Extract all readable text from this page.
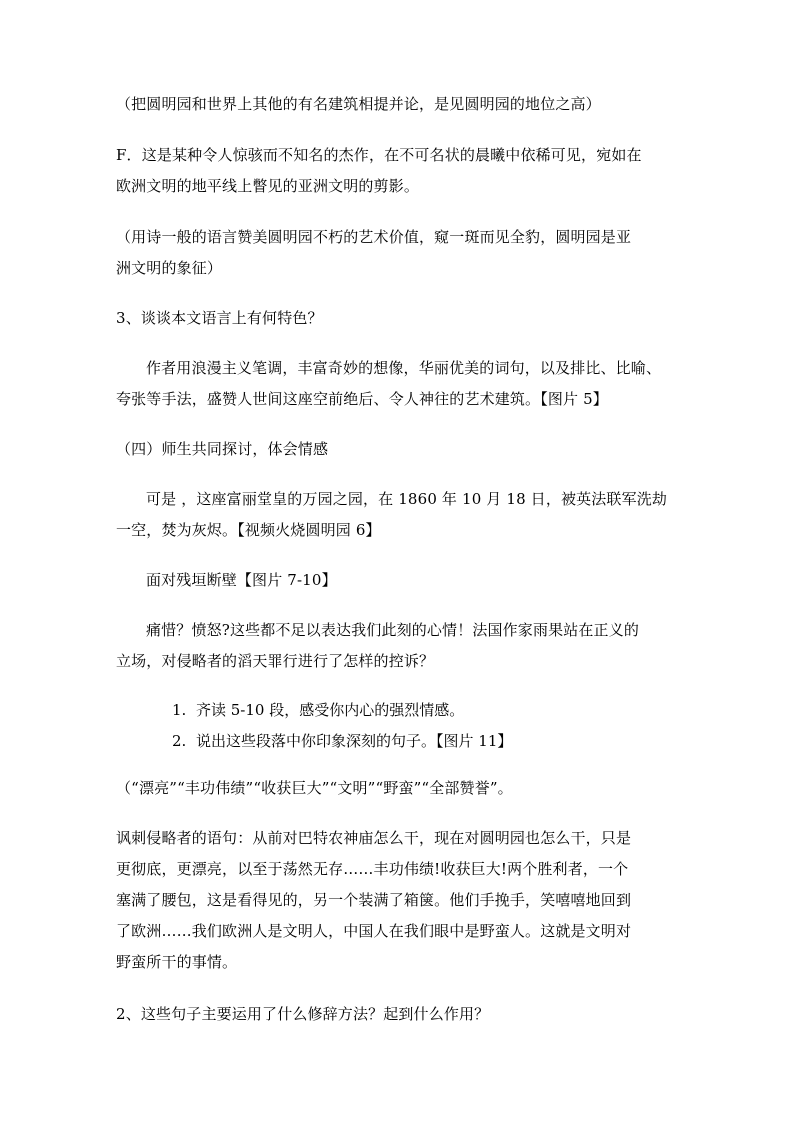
（把圆明园和世界上其他的有名建筑相提并论，是见圆明园的地位之高）

F．这是某种令人惊骇而不知名的杰作，在不可名状的晨曦中依稀可见，宛如在
欧洲文明的地平线上瞥见的亚洲文明的剪影。

（用诗一般的语言赞美圆明园不朽的艺术价值，窥一斑而见全豹，圆明园是亚
洲文明的象征）

3、谈谈本文语言上有何特色？

作者用浪漫主义笔调，丰富奇妙的想像，华丽优美的词句，以及排比、比喻、
夸张等手法，盛赞人世间这座空前绝后、令人神往的艺术建筑。【图片 5】

（四）师生共同探讨，体会情感

可是 ，这座富丽堂皇的万园之园，在 1860 年 10 月 18 日，被英法联军洗劫
一空，焚为灰烬。【视频火烧圆明园 6】

面对残垣断壁【图片 7-10】

痛惜？愤怒?这些都不足以表达我们此刻的心情！法国作家雨果站在正义的
立场，对侵略者的滔天罪行进行了怎样的控诉？

1. 齐读 5-10 段，感受你内心的强烈情感。

2. 说出这些段落中你印象深刻的句子。【图片 11】

（“漂亮”“丰功伟绩”“收获巨大”“文明”“野蛮”“全部赞誉”。

讽刺侵略者的语句：从前对巴特农神庙怎么干，现在对圆明园也怎么干，只是
更彻底，更漂亮，以至于荡然无存……丰功伟绩!收获巨大!两个胜利者，一个
塞满了腰包，这是看得见的，另一个装满了箱箧。他们手挽手，笑嘻嘻地回到
了欧洲……我们欧洲人是文明人，中国人在我们眼中是野蛮人。这就是文明对
野蛮所干的事情。

2、这些句子主要运用了什么修辞方法？起到什么作用？
